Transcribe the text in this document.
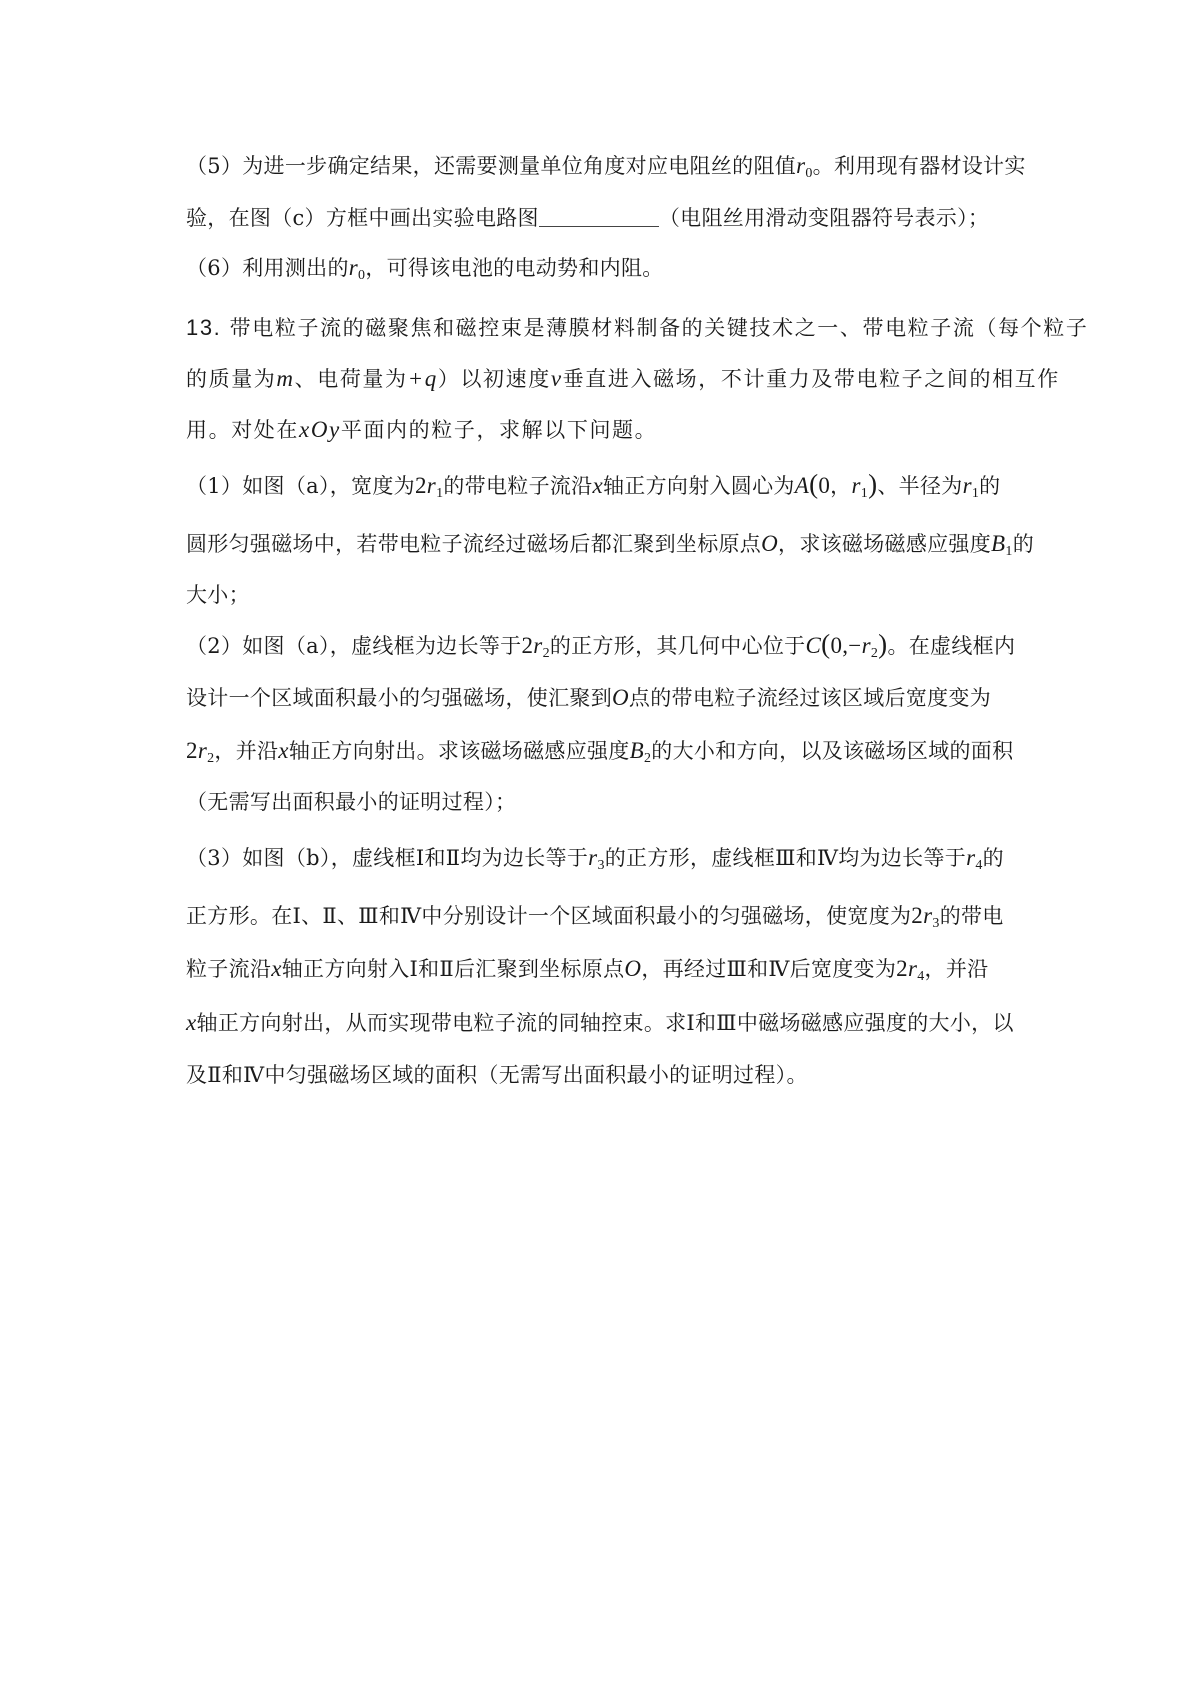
（5）为进一步确定结果，还需要测量单位角度对应电阻丝的阻值$r_0$。利用现有器材设计实
验，在图（c）方框中画出实验电路图	（电阻丝用滑动变阻器符号表示）；
（6）利用测出的$r_0$，可得该电池的电动势和内阻。
13. 带电粒子流的磁聚焦和磁控束是薄膜材料制备的关键技术之一、带电粒子流（每个粒子
的质量为m、电荷量为+q）以初速度v垂直进入磁场，不计重力及带电粒子之间的相互作
用。对处在xOy平面内的粒子，求解以下问题。
（1）如图（a），宽度为$2r_1$的带电粒子流沿x轴正方向射入圆心为A(0，$r_1$)、半径为$r_1$的
圆形匀强磁场中，若带电粒子流经过磁场后都汇聚到坐标原点O，求该磁场磁感应强度$B_1$的
大小；
（2）如图（a），虚线框为边长等于$2r_2$的正方形，其几何中心位于$C(0,-r_2)$。在虚线框内
设计一个区域面积最小的匀强磁场，使汇聚到O点的带电粒子流经过该区域后宽度变为
$2r_2$，并沿x轴正方向射出。求该磁场磁感应强度$B_2$的大小和方向，以及该磁场区域的面积
（无需写出面积最小的证明过程）；
（3）如图（b），虚线框Ⅰ和Ⅱ均为边长等于$r_3$的正方形，虚线框Ⅲ和Ⅳ均为边长等于$r_4$的
正方形。在Ⅰ、Ⅱ、Ⅲ和Ⅳ中分别设计一个区域面积最小的匀强磁场，使宽度为$2r_3$的带电
粒子流沿x轴正方向射入Ⅰ和Ⅱ后汇聚到坐标原点O，再经过Ⅲ和Ⅳ后宽度变为$2r_4$，并沿
x轴正方向射出，从而实现带电粒子流的同轴控束。求Ⅰ和Ⅲ中磁场磁感应强度的大小，以
及Ⅱ和Ⅳ中匀强磁场区域的面积（无需写出面积最小的证明过程）。
